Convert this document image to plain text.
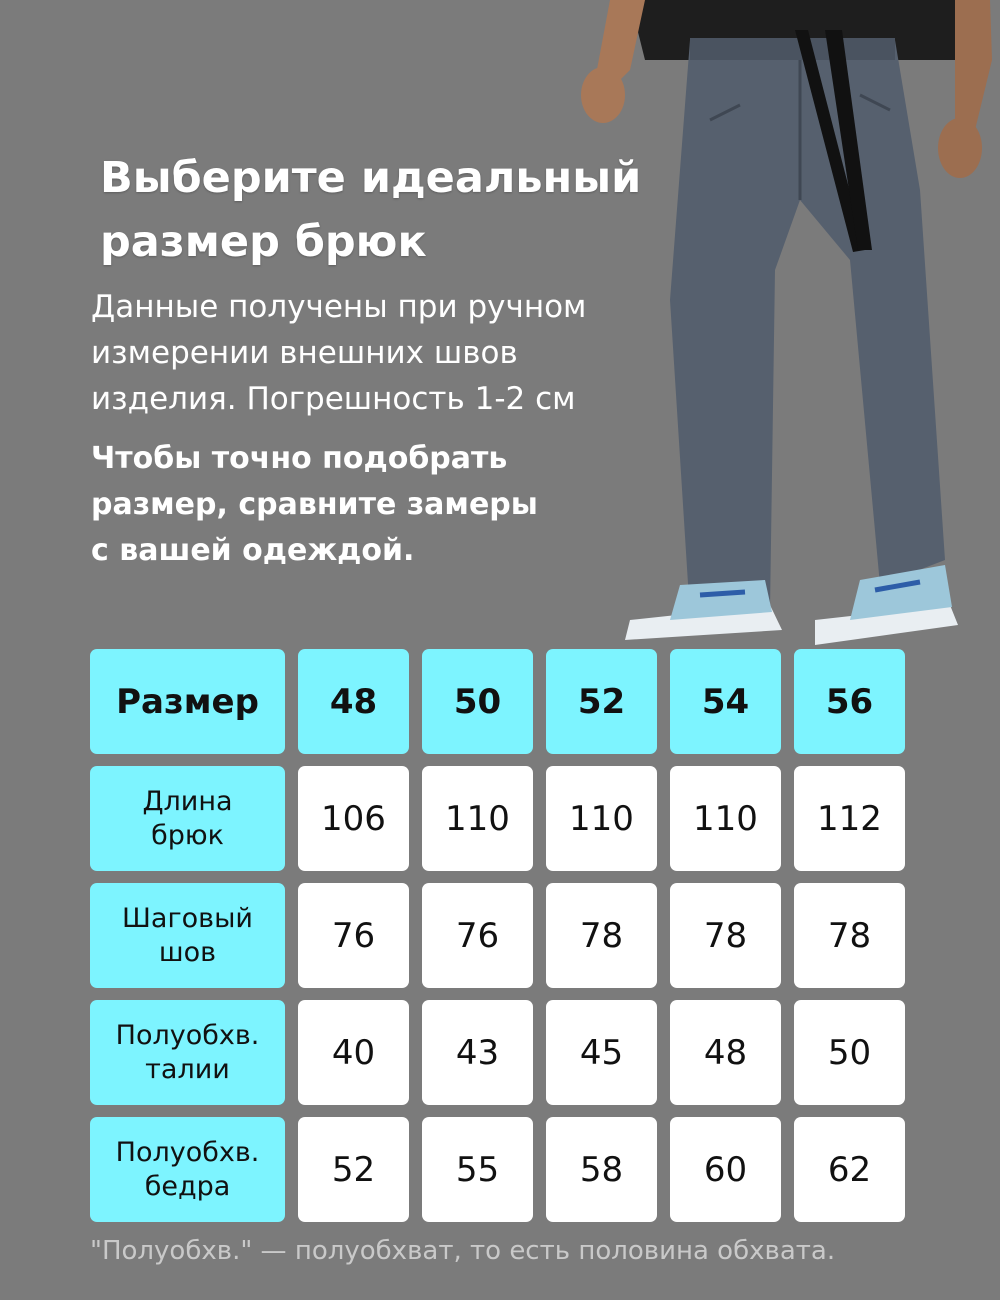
Выберите идеальный
размер брюк
Данные получены при ручном
измерении внешних швов
изделия. Погрешность 1-2 см
Чтобы точно подобрать
размер, сравните замеры
с вашей одеждой.
Размер	48	50	52	54	56
Длина
брюк	106	110	110	110	112
Шаговый
шов	76	76	78	78	78
Полуобхв.
талии	40	43	45	48	50
Полуобхв.
бедра	52	55	58	60	62
"Полуобхв." — полуобхват, то есть половина обхвата.
